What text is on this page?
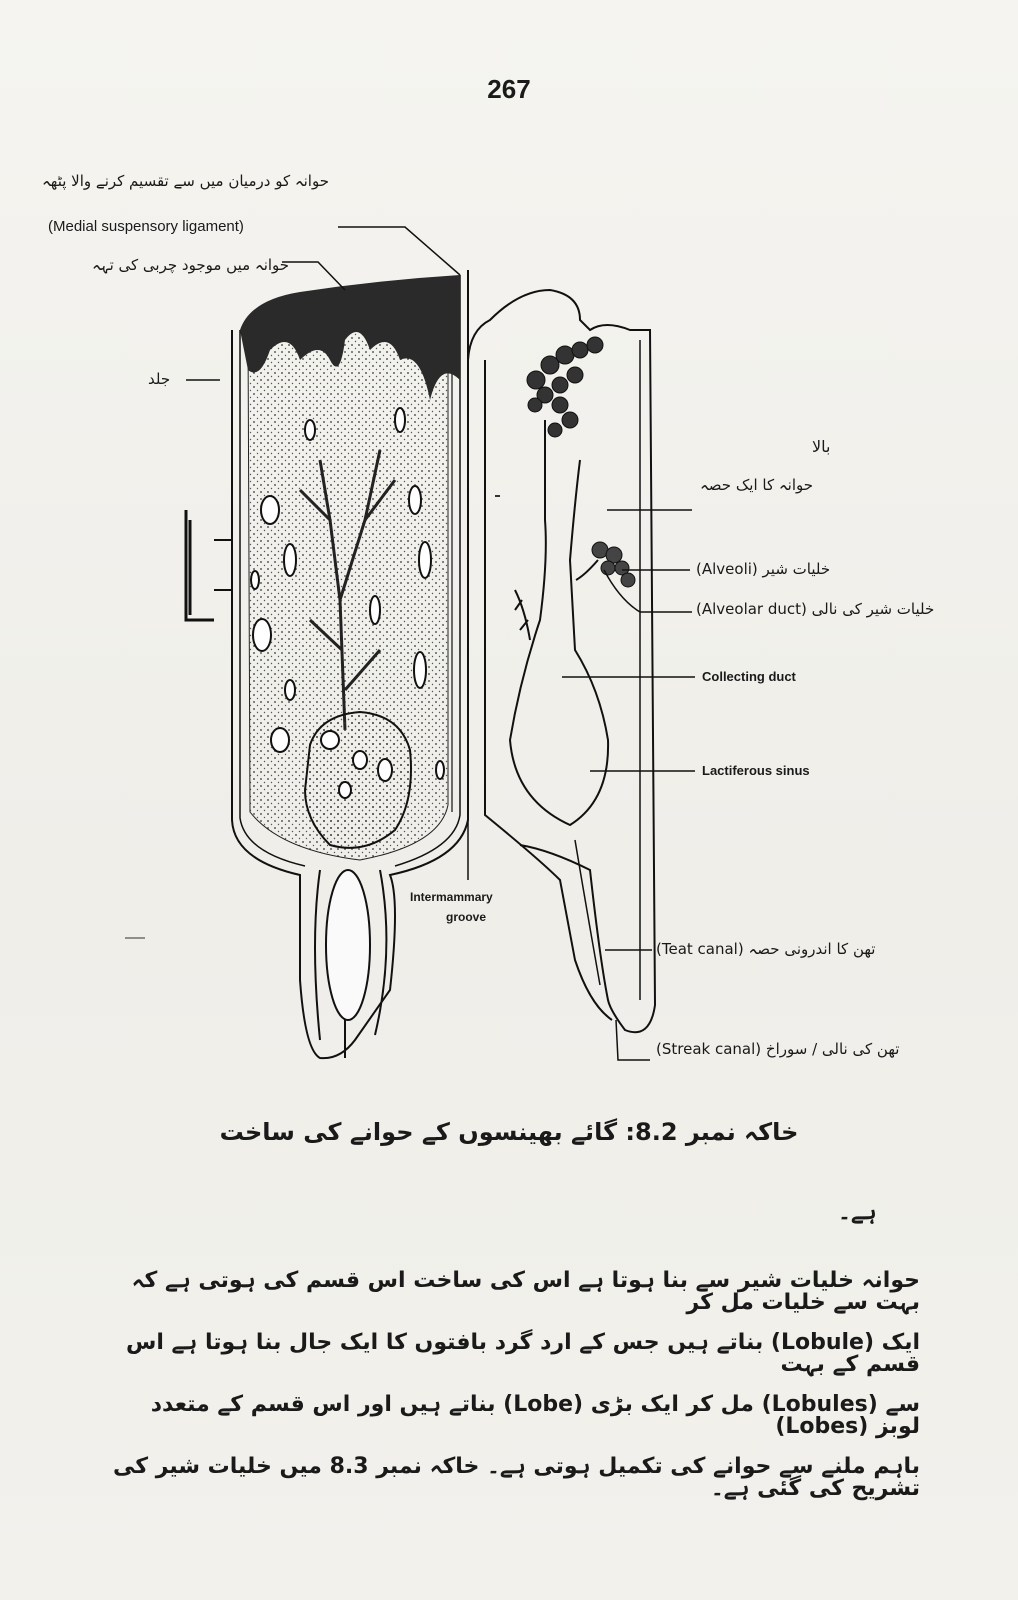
267
حوانہ کو درمیان میں سے تقسیم کرنے والا پٹھہ
(Medial suspensory ligament)
حوانہ میں موجود چربی کی تہہ
جلد
بالا
حوانہ کا ایک حصہ
خلیات شیر (Alveoli)
خلیات شیر کی نالی (Alveolar duct)
Collecting duct
Lactiferous sinus
Intermammary
groove
تھن کا اندرونی حصہ (Teat canal)
تھن کی نالی / سوراخ (Streak canal)
خاکہ نمبر 8.2: گائے بھینسوں کے حوانے کی ساخت
ہے۔
حوانہ خلیات شیر سے بنا ہوتا ہے اس کی ساخت اس قسم کی ہوتی ہے کہ بہت سے خلیات مل کر
ایک (Lobule) بناتے ہیں جس کے ارد گرد بافتوں کا ایک جال بنا ہوتا ہے اس قسم کے بہت
سے (Lobules) مل کر ایک بڑی (Lobe) بناتے ہیں اور اس قسم کے متعدد لوبز (Lobes)
باہم ملنے سے حوانے کی تکمیل ہوتی ہے۔ خاکہ نمبر 8.3 میں خلیات شیر کی تشریح کی گئی ہے۔
